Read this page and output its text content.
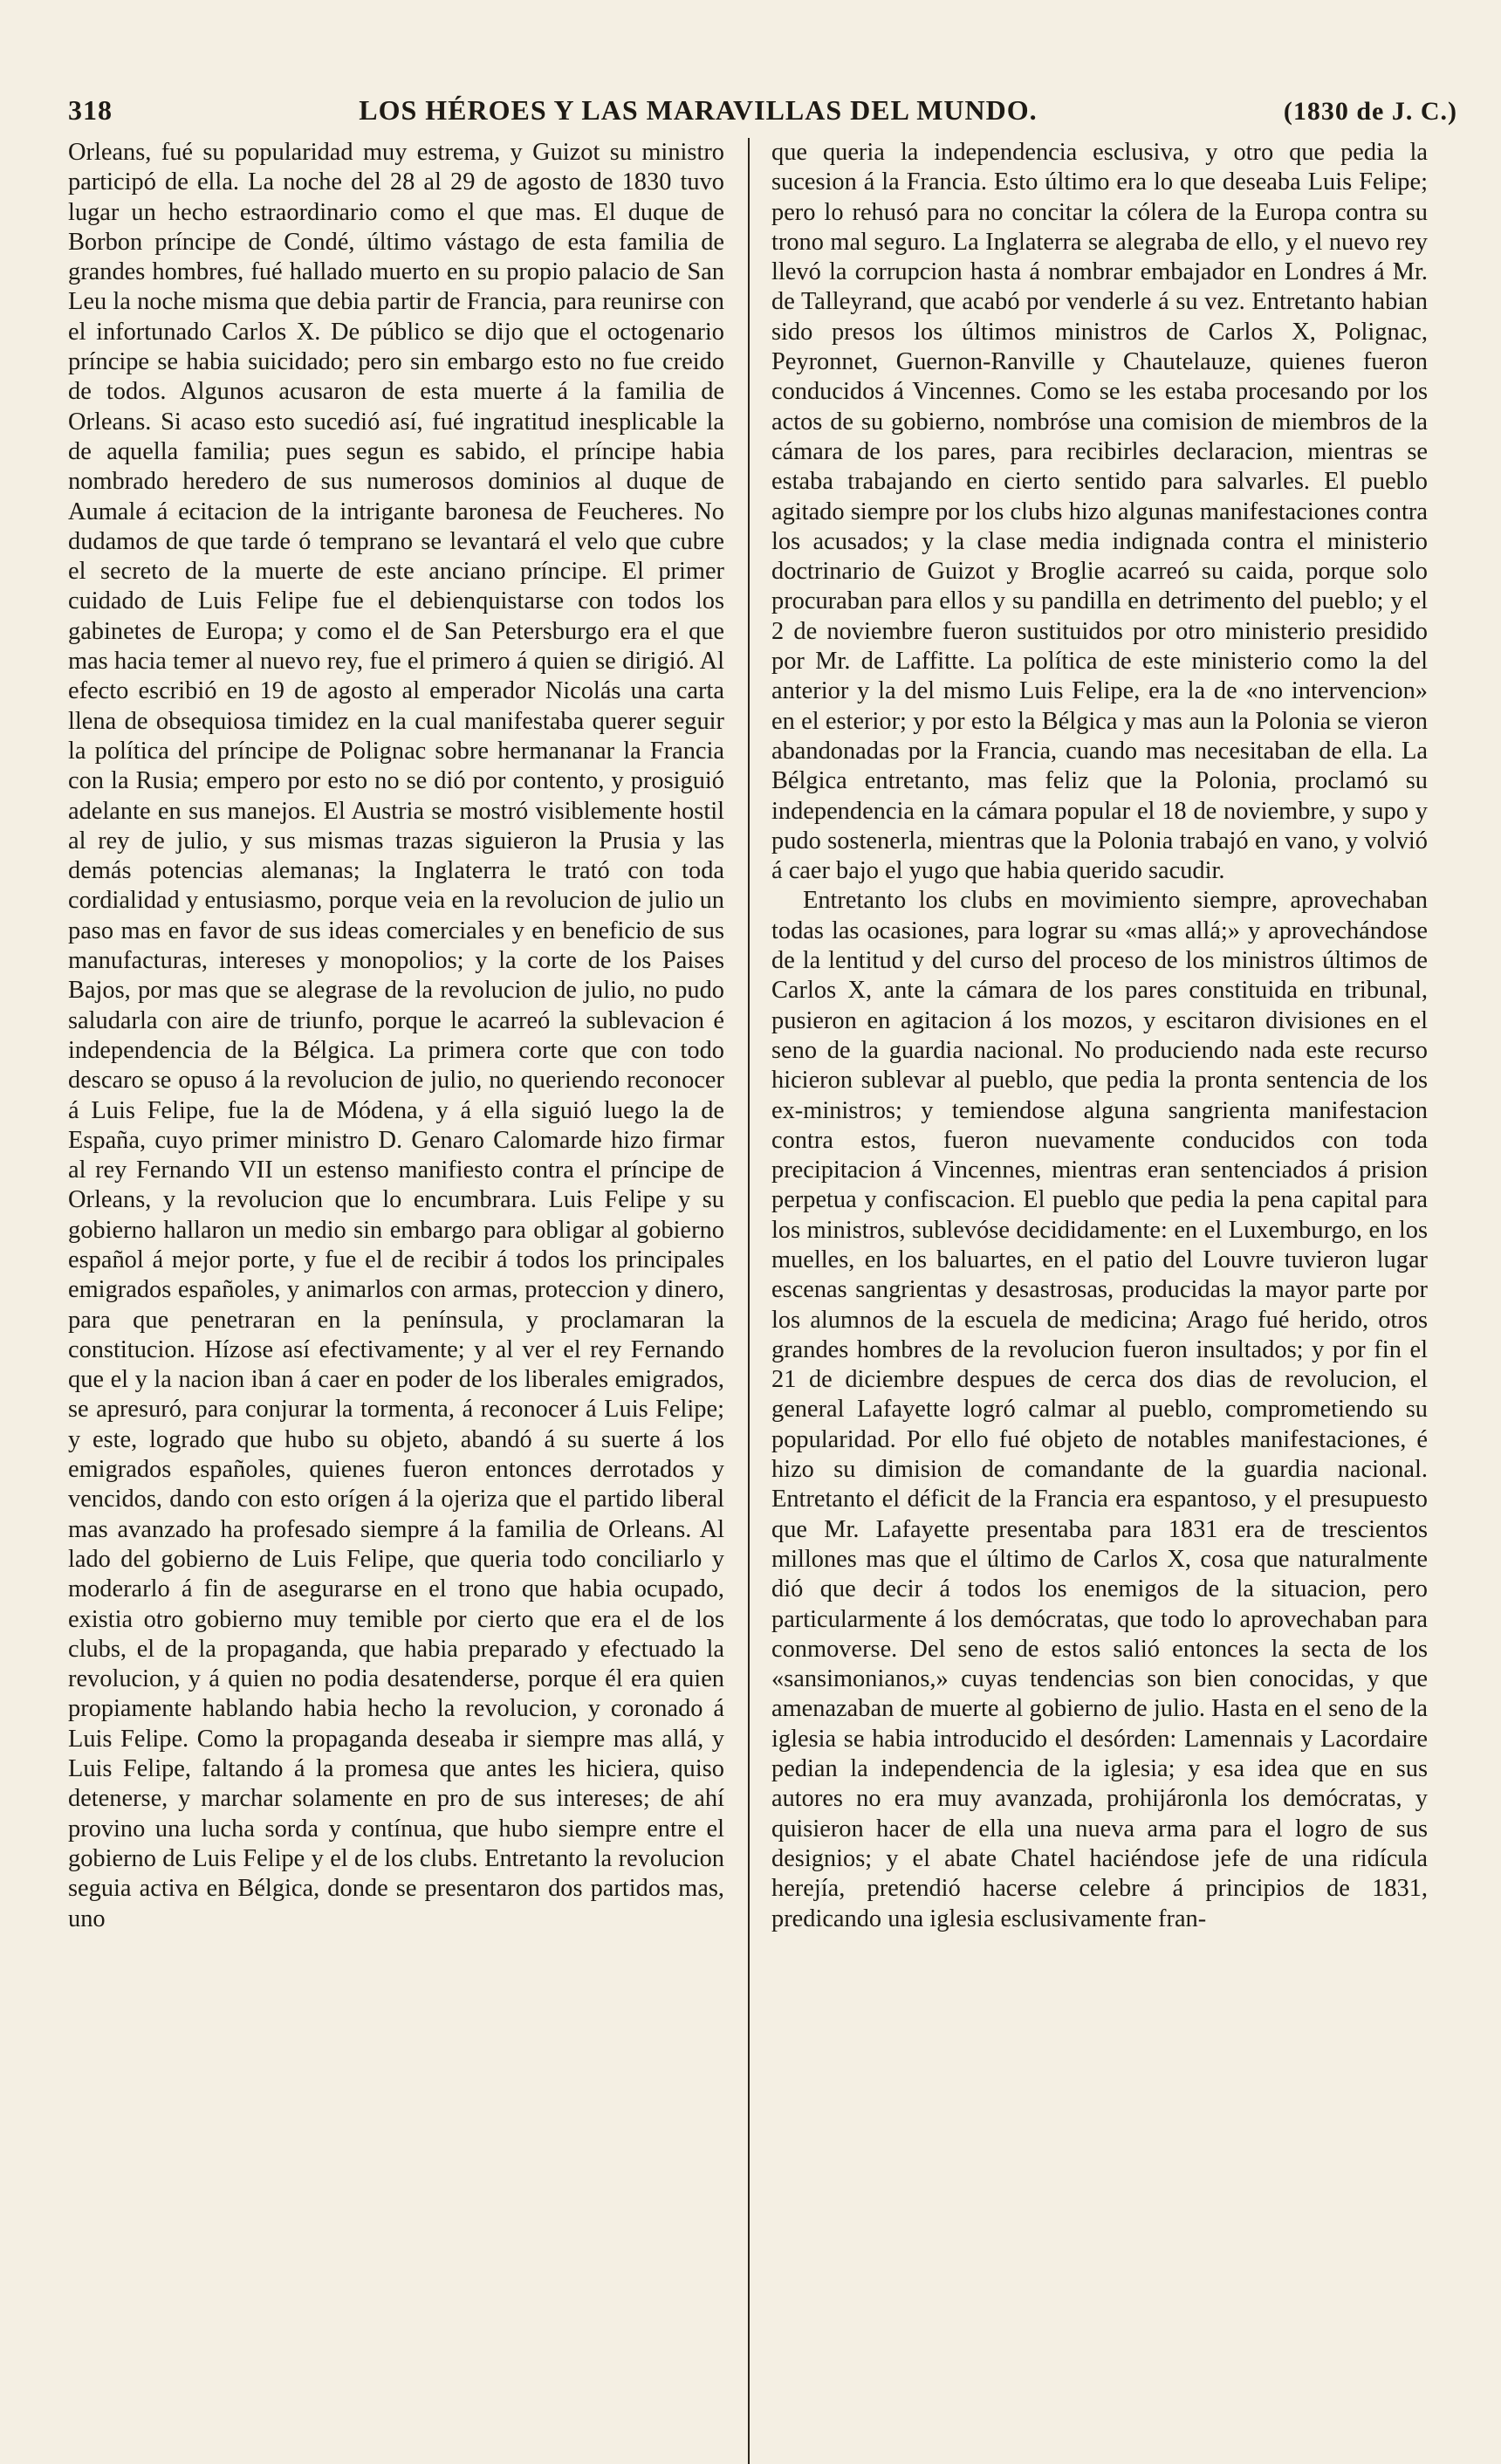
318	LOS HÉROES Y LAS MARAVILLAS DEL MUNDO.	(1830 de J. C.)

Orleans, fué su popularidad muy estrema, y Guizot su ministro participó de ella. La noche del 28 al 29 de agosto de 1830 tuvo lugar un hecho estraordinario como el que mas. El duque de Borbon príncipe de Condé, último vástago de esta familia de grandes hombres, fué hallado muerto en su propio palacio de San Leu la noche misma que debia partir de Francia, para reunirse con el infortunado Carlos X. De público se dijo que el octogenario príncipe se habia suicidado; pero sin embargo esto no fue creido de todos. Algunos acusaron de esta muerte á la familia de Orleans. Si acaso esto sucedió así, fué ingratitud inesplicable la de aquella familia; pues segun es sabido, el príncipe habia nombrado heredero de sus numerosos dominios al duque de Aumale á ecitacion de la intrigante baronesa de Feucheres. No dudamos de que tarde ó temprano se levantará el velo que cubre el secreto de la muerte de este anciano príncipe. El primer cuidado de Luis Felipe fue el debienquistarse con todos los gabinetes de Europa; y como el de San Petersburgo era el que mas hacia temer al nuevo rey, fue el primero á quien se dirigió. Al efecto escribió en 19 de agosto al emperador Nicolás una carta llena de obsequiosa timidez en la cual manifestaba querer seguir la política del príncipe de Polignac sobre hermananar la Francia con la Rusia; empero por esto no se dió por contento, y prosiguió adelante en sus manejos. El Austria se mostró visiblemente hostil al rey de julio, y sus mismas trazas siguieron la Prusia y las demás potencias alemanas; la Inglaterra le trató con toda cordialidad y entusiasmo, porque veia en la revolucion de julio un paso mas en favor de sus ideas comerciales y en beneficio de sus manufacturas, intereses y monopolios; y la corte de los Paises Bajos, por mas que se alegrase de la revolucion de julio, no pudo saludarla con aire de triunfo, porque le acarreó la sublevacion é independencia de la Bélgica. La primera corte que con todo descaro se opuso á la revolucion de julio, no queriendo reconocer á Luis Felipe, fue la de Módena, y á ella siguió luego la de España, cuyo primer ministro D. Genaro Calomarde hizo firmar al rey Fernando VII un estenso manifiesto contra el príncipe de Orleans, y la revolucion que lo encumbrara. Luis Felipe y su gobierno hallaron un medio sin embargo para obligar al gobierno español á mejor porte, y fue el de recibir á todos los principales emigrados españoles, y animarlos con armas, proteccion y dinero, para que penetraran en la península, y proclamaran la constitucion. Hízose así efectivamente; y al ver el rey Fernando que el y la nacion iban á caer en poder de los liberales emigrados, se apresuró, para conjurar la tormenta, á reconocer á Luis Felipe; y este, logrado que hubo su objeto, abandó á su suerte á los emigrados españoles, quienes fueron entonces derrotados y vencidos, dando con esto orígen á la ojeriza que el partido liberal mas avanzado ha profesado siempre á la familia de Orleans. Al lado del gobierno de Luis Felipe, que queria todo conciliarlo y moderarlo á fin de asegurarse en el trono que habia ocupado, existia otro gobierno muy temible por cierto que era el de los clubs, el de la propaganda, que habia preparado y efectuado la revolucion, y á quien no podia desatenderse, porque él era quien propiamente hablando habia hecho la revolucion, y coronado á Luis Felipe. Como la propaganda deseaba ir siempre mas allá, y Luis Felipe, faltando á la promesa que antes les hiciera, quiso detenerse, y marchar solamente en pro de sus intereses; de ahí provino una lucha sorda y contínua, que hubo siempre entre el gobierno de Luis Felipe y el de los clubs. Entretanto la revolucion seguia activa en Bélgica, donde se presentaron dos partidos mas, uno

que queria la independencia esclusiva, y otro que pedia la sucesion á la Francia. Esto último era lo que deseaba Luis Felipe; pero lo rehusó para no concitar la cólera de la Europa contra su trono mal seguro. La Inglaterra se alegraba de ello, y el nuevo rey llevó la corrupcion hasta á nombrar embajador en Londres á Mr. de Talleyrand, que acabó por venderle á su vez. Entretanto habian sido presos los últimos ministros de Carlos X, Polignac, Peyronnet, Guernon-Ranville y Chautelauze, quienes fueron conducidos á Vincennes. Como se les estaba procesando por los actos de su gobierno, nombróse una comision de miembros de la cámara de los pares, para recibirles declaracion, mientras se estaba trabajando en cierto sentido para salvarles. El pueblo agitado siempre por los clubs hizo algunas manifestaciones contra los acusados; y la clase media indignada contra el ministerio doctrinario de Guizot y Broglie acarreó su caida, porque solo procuraban para ellos y su pandilla en detrimento del pueblo; y el 2 de noviembre fueron sustituidos por otro ministerio presidido por Mr. de Laffitte. La política de este ministerio como la del anterior y la del mismo Luis Felipe, era la de «no intervencion» en el esterior; y por esto la Bélgica y mas aun la Polonia se vieron abandonadas por la Francia, cuando mas necesitaban de ella. La Bélgica entretanto, mas feliz que la Polonia, proclamó su independencia en la cámara popular el 18 de noviembre, y supo y pudo sostenerla, mientras que la Polonia trabajó en vano, y volvió á caer bajo el yugo que habia querido sacudir.

Entretanto los clubs en movimiento siempre, aprovechaban todas las ocasiones, para lograr su «mas allá;» y aprovechándose de la lentitud y del curso del proceso de los ministros últimos de Carlos X, ante la cámara de los pares constituida en tribunal, pusieron en agitacion á los mozos, y escitaron divisiones en el seno de la guardia nacional. No produciendo nada este recurso hicieron sublevar al pueblo, que pedia la pronta sentencia de los ex-ministros; y temiendose alguna sangrienta manifestacion contra estos, fueron nuevamente conducidos con toda precipitacion á Vincennes, mientras eran sentenciados á prision perpetua y confiscacion. El pueblo que pedia la pena capital para los ministros, sublevóse decididamente: en el Luxemburgo, en los muelles, en los baluartes, en el patio del Louvre tuvieron lugar escenas sangrientas y desastrosas, producidas la mayor parte por los alumnos de la escuela de medicina; Arago fué herido, otros grandes hombres de la revolucion fueron insultados; y por fin el 21 de diciembre despues de cerca dos dias de revolucion, el general Lafayette logró calmar al pueblo, comprometiendo su popularidad. Por ello fué objeto de notables manifestaciones, é hizo su dimision de comandante de la guardia nacional. Entretanto el déficit de la Francia era espantoso, y el presupuesto que Mr. Lafayette presentaba para 1831 era de trescientos millones mas que el último de Carlos X, cosa que naturalmente dió que decir á todos los enemigos de la situacion, pero particularmente á los demócratas, que todo lo aprovechaban para conmoverse. Del seno de estos salió entonces la secta de los «sansimonianos,» cuyas tendencias son bien conocidas, y que amenazaban de muerte al gobierno de julio. Hasta en el seno de la iglesia se habia introducido el desórden: Lamennais y Lacordaire pedian la independencia de la iglesia; y esa idea que en sus autores no era muy avanzada, prohijáronla los demócratas, y quisieron hacer de ella una nueva arma para el logro de sus designios; y el abate Chatel haciéndose jefe de una ridícula herejía, pretendió hacerse celebre á principios de 1831, predicando una iglesia esclusivamente fran-
